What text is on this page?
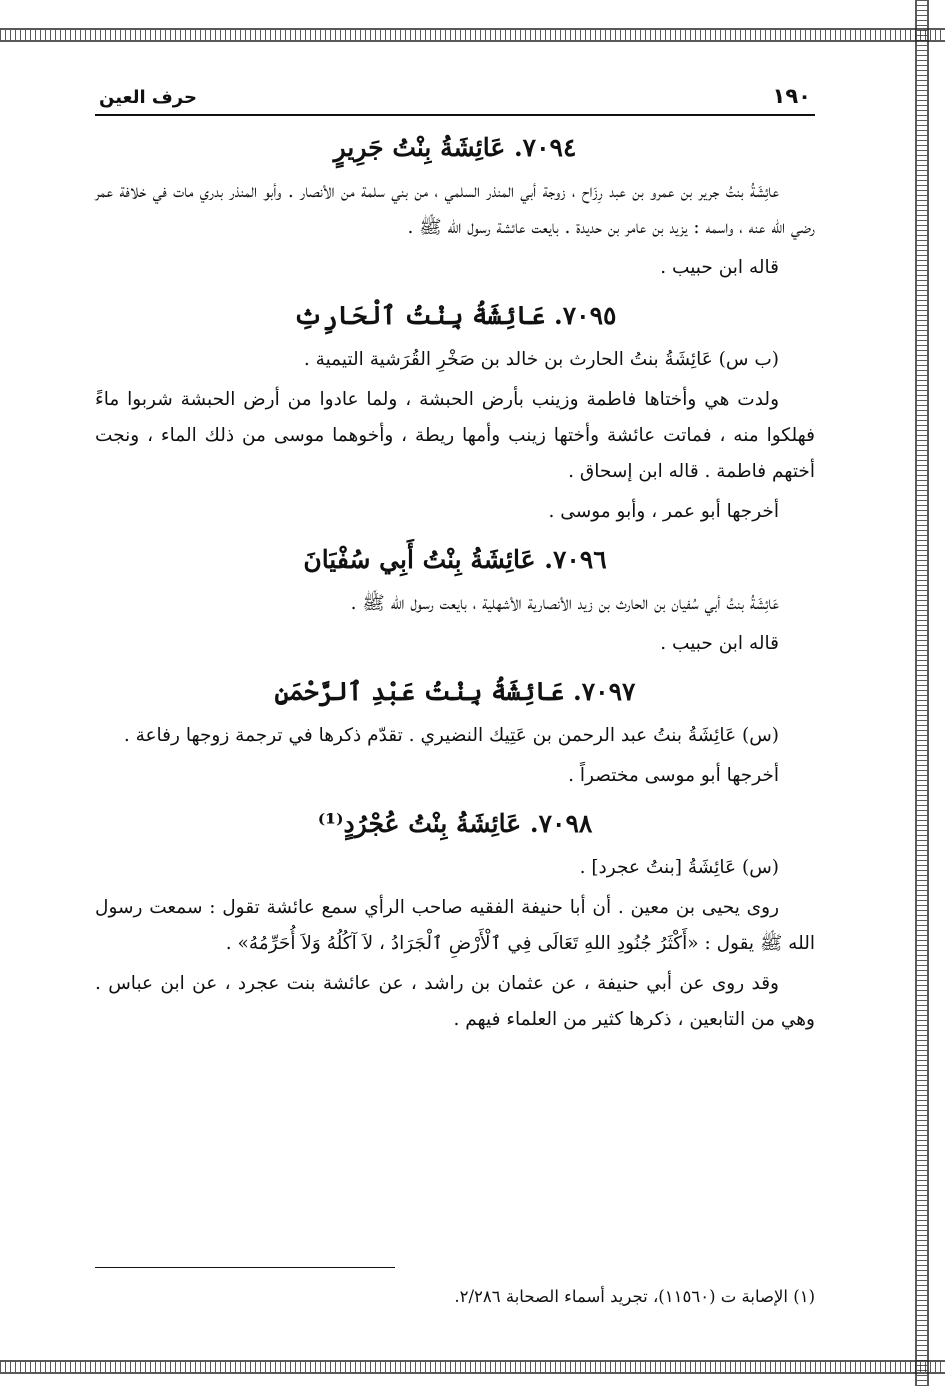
١٩٠
حرف العين
٧٠٩٤. عَائِشَةُ بِنْتُ جَرِيرٍ

عائِشَةُ بنتُ جرير بن عمرو بن عبد رِزَاح ، زوجة أبي المنذر السلمي ، من بني سلمة من الأنصار . وأبو المنذر بدري مات في خلافة عمر رضي الله عنه ، واسمه : يزيد بن عامر بن حديدة . بايعت عائشة رسول الله ﷺ .

قاله ابن حبيب .

٧٠٩٥. عَائِشَةُ بِنْتُ ٱلْحَارِثِ

(ب س) عَائِشَةُ بنتُ الحارث بن خالد بن صَخْرِ القُرَشية التيمية .

ولدت هي وأختاها فاطمة وزينب بأرض الحبشة ، ولما عادوا من أرض الحبشة شربوا ماءً فهلكوا منه ، فماتت عائشة وأختها زينب وأمها ريطة ، وأخوهما موسى من ذلك الماء ، ونجت أختهم فاطمة . قاله ابن إسحاق .

أخرجها أبو عمر ، وأبو موسى .

٧٠٩٦. عَائِشَةُ بِنْتُ أَبِي سُفْيَانَ

عَائِشَةُ بنتُ أبي سُفيان بن الحارث بن زيد الأنصارية الأشهلية ، بايعت رسول الله ﷺ .

قاله ابن حبيب .

٧٠٩٧. عَائِشَةُ بِنْتُ عَبْدِ ٱلرَّحْمَنِ

(س) عَائِشَةُ بنتُ عبد الرحمن بن عَتِيك النضيري . تقدّم ذكرها في ترجمة زوجها رفاعة .

أخرجها أبو موسى مختصراً .

٧٠٩٨. عَائِشَةُ بِنْتُ عُجْرُدٍ⁽¹⁾

(س) عَائِشَةُ [بنتُ عجرد] .

روى يحيى بن معين . أن أبا حنيفة الفقيه صاحب الرأي سمع عائشة تقول : سمعت رسول الله ﷺ يقول : «أَكْثَرُ جُنُودِ اللهِ تَعَالَى فِي ٱلْأَرْضِ ٱلْجَرَادُ ، لاَ آكُلُهُ وَلاَ أُحَرِّمُهُ» .

وقد روى عن أبي حنيفة ، عن عثمان بن راشد ، عن عائشة بنت عجرد ، عن ابن عباس . وهي من التابعين ، ذكرها كثير من العلماء فيهم .

(١) الإصابة ت (١١٥٦٠)، تجريد أسماء الصحابة ٢/٢٨٦.
